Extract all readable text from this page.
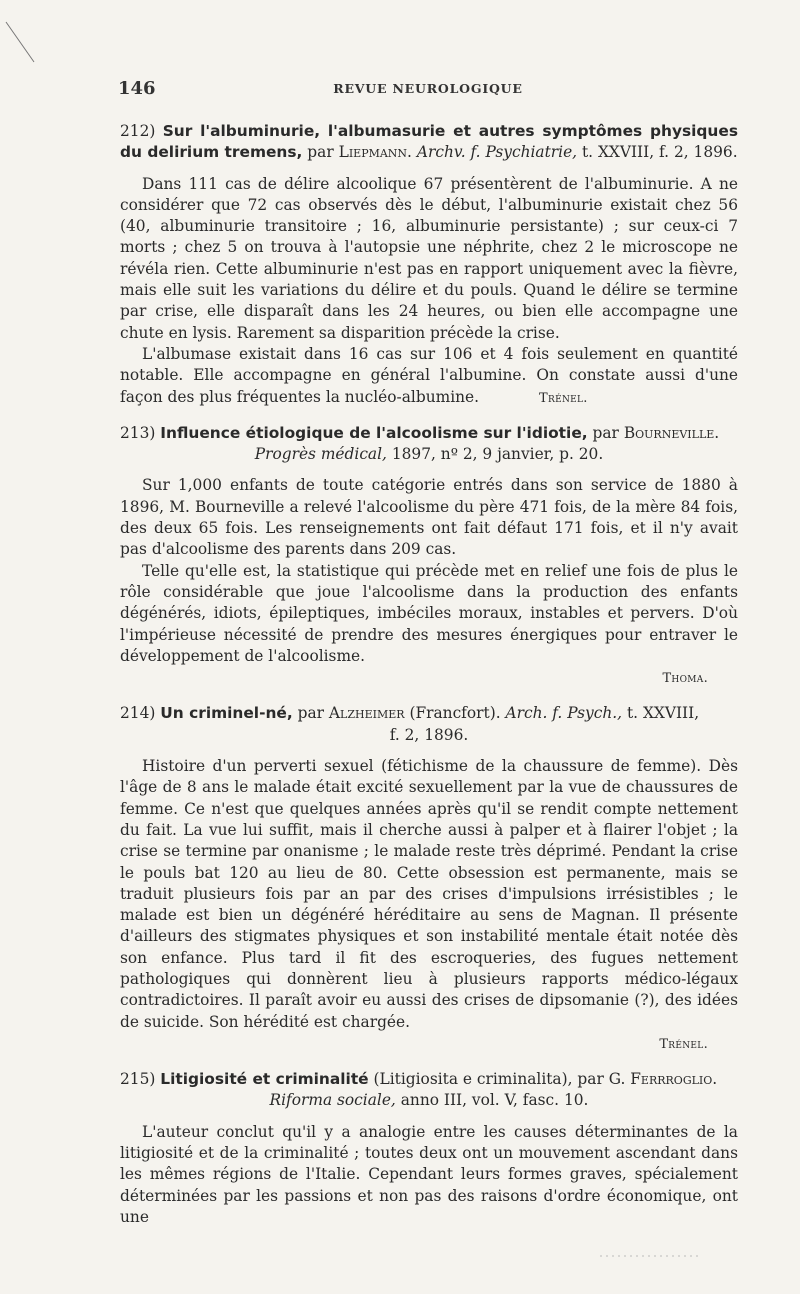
146	REVUE NEUROLOGIQUE

212) Sur l'albuminurie, l'albumasurie et autres symptômes physiques du delirium tremens, par Liepmann. Archv. f. Psychiatrie, t. XXVIII, f. 2, 1896.

Dans 111 cas de délire alcoolique 67 présentèrent de l'albuminurie. A ne considérer que 72 cas observés dès le début, l'albuminurie existait chez 56 (40, albuminurie transitoire ; 16, albuminurie persistante) ; sur ceux-ci 7 morts ; chez 5 on trouva à l'autopsie une néphrite, chez 2 le microscope ne révéla rien. Cette albuminurie n'est pas en rapport uniquement avec la fièvre, mais elle suit les variations du délire et du pouls. Quand le délire se termine par crise, elle disparaît dans les 24 heures, ou bien elle accompagne une chute en lysis. Rarement sa disparition précède la crise.

L'albumase existait dans 16 cas sur 106 et 4 fois seulement en quantité notable. Elle accompagne en général l'albumine. On constate aussi d'une façon des plus fréquentes la nucléo-albumine.	Trénel.

213) Influence étiologique de l'alcoolisme sur l'idiotie, par Bourneville.

Progrès médical, 1897, nº 2, 9 janvier, p. 20.

Sur 1,000 enfants de toute catégorie entrés dans son service de 1880 à 1896, M. Bourneville a relevé l'alcoolisme du père 471 fois, de la mère 84 fois, des deux 65 fois. Les renseignements ont fait défaut 171 fois, et il n'y avait pas d'alcoolisme des parents dans 209 cas.

Telle qu'elle est, la statistique qui précède met en relief une fois de plus le rôle considérable que joue l'alcoolisme dans la production des enfants dégénérés, idiots, épileptiques, imbéciles moraux, instables et pervers. D'où l'impérieuse nécessité de prendre des mesures énergiques pour entraver le développement de l'alcoolisme.

Thoma.

214) Un criminel-né, par Alzheimer (Francfort). Arch. f. Psych., t. XXVIII,

f. 2, 1896.

Histoire d'un perverti sexuel (fétichisme de la chaussure de femme). Dès l'âge de 8 ans le malade était excité sexuellement par la vue de chaussures de femme. Ce n'est que quelques années après qu'il se rendit compte nettement du fait. La vue lui suffit, mais il cherche aussi à palper et à flairer l'objet ; la crise se termine par onanisme ; le malade reste très déprimé. Pendant la crise le pouls bat 120 au lieu de 80. Cette obsession est permanente, mais se traduit plusieurs fois par an par des crises d'impulsions irrésistibles ; le malade est bien un dégénéré héréditaire au sens de Magnan. Il présente d'ailleurs des stigmates physiques et son instabilité mentale était notée dès son enfance. Plus tard il fit des escroqueries, des fugues nettement pathologiques qui donnèrent lieu à plusieurs rapports médico-légaux contradictoires. Il paraît avoir eu aussi des crises de dipsomanie (?), des idées de suicide. Son hérédité est chargée.

Trénel.

215) Litigiosité et criminalité (Litigiosita e criminalita), par G. Ferrroglio.

Riforma sociale, anno III, vol. V, fasc. 10.

L'auteur conclut qu'il y a analogie entre les causes déterminantes de la litigiosité et de la criminalité ; toutes deux ont un mouvement ascendant dans les mêmes régions de l'Italie. Cependant leurs formes graves, spécialement déterminées par les passions et non pas des raisons d'ordre économique, ont une
